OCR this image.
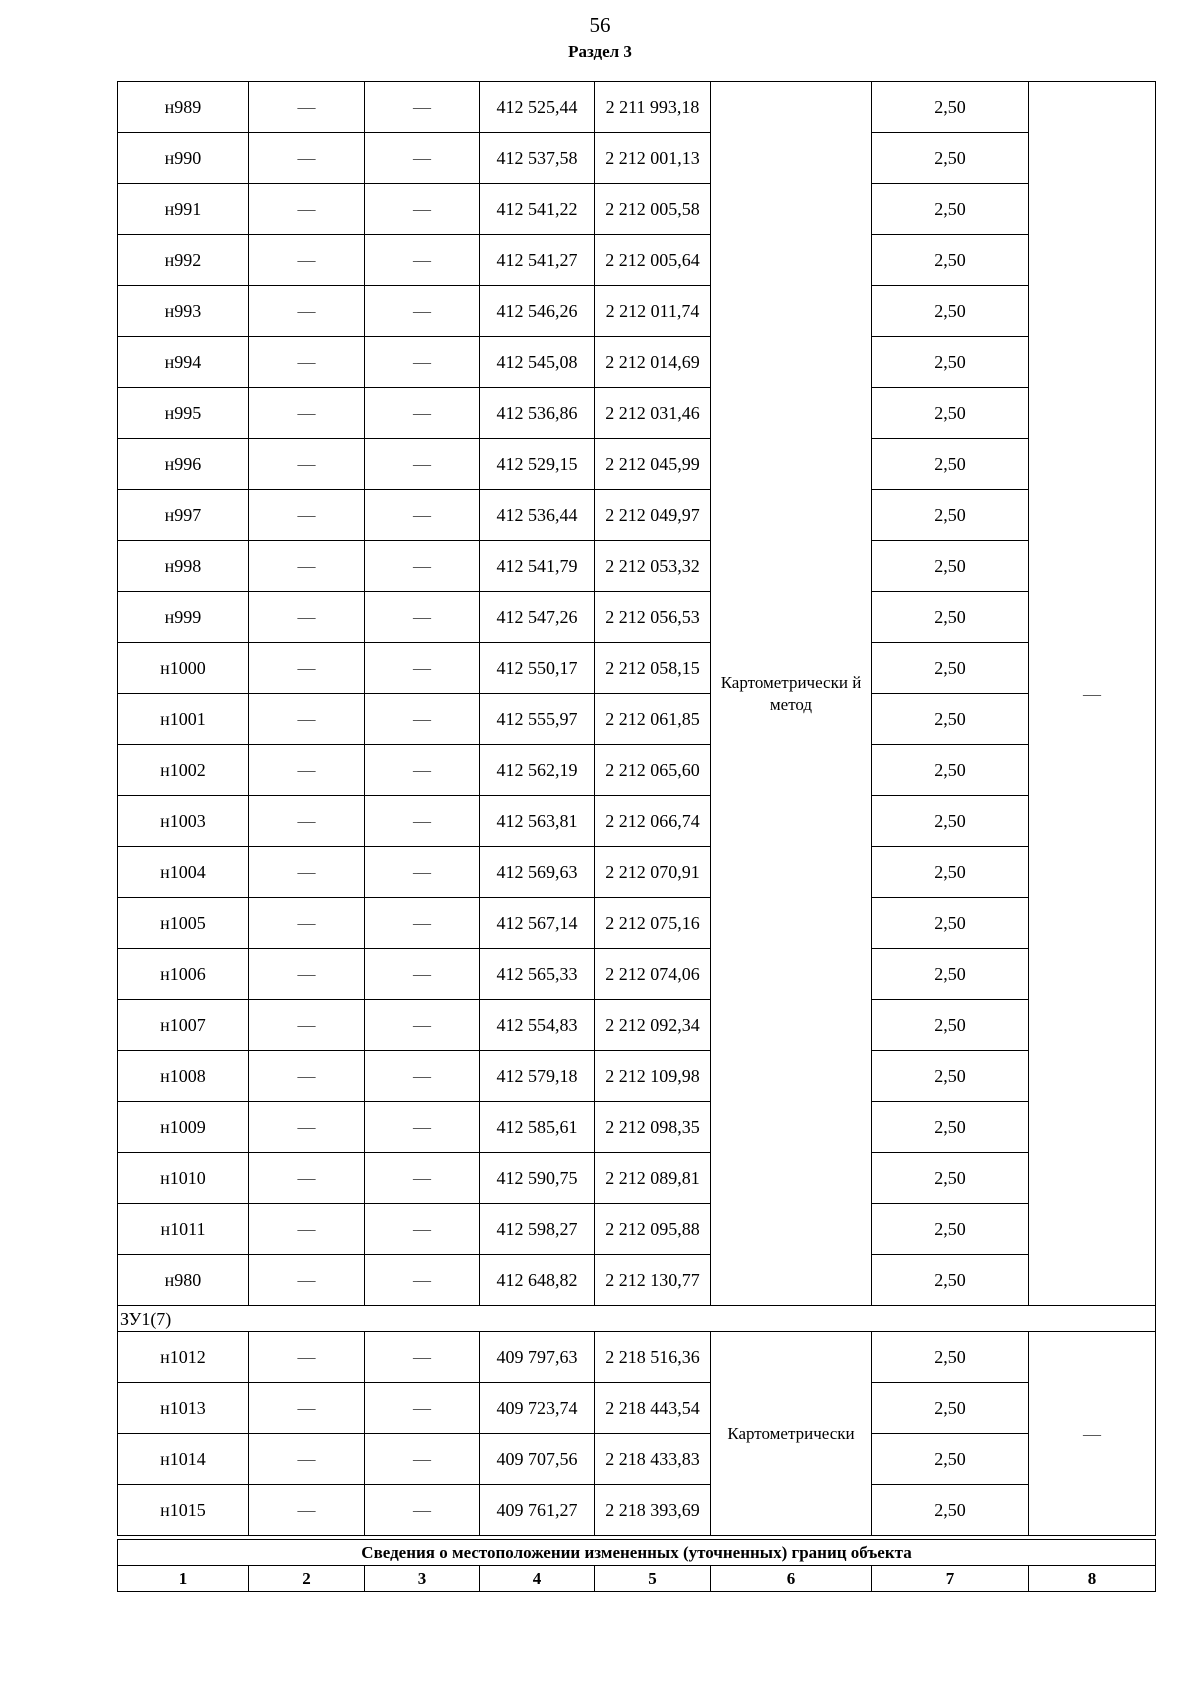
56
Раздел 3
н989	—	—	412 525,44	2 211 993,18	Картометрически й метод	2,50	—
н990	—	—	412 537,58	2 212 001,13		2,50	
н991	—	—	412 541,22	2 212 005,58		2,50	
н992	—	—	412 541,27	2 212 005,64		2,50	
н993	—	—	412 546,26	2 212 011,74		2,50	
н994	—	—	412 545,08	2 212 014,69		2,50	
н995	—	—	412 536,86	2 212 031,46		2,50	
н996	—	—	412 529,15	2 212 045,99		2,50	
н997	—	—	412 536,44	2 212 049,97		2,50	
н998	—	—	412 541,79	2 212 053,32		2,50	
н999	—	—	412 547,26	2 212 056,53		2,50	
н1000	—	—	412 550,17	2 212 058,15		2,50	
н1001	—	—	412 555,97	2 212 061,85		2,50	
н1002	—	—	412 562,19	2 212 065,60		2,50	
н1003	—	—	412 563,81	2 212 066,74		2,50	
н1004	—	—	412 569,63	2 212 070,91		2,50	
н1005	—	—	412 567,14	2 212 075,16		2,50	
н1006	—	—	412 565,33	2 212 074,06		2,50	
н1007	—	—	412 554,83	2 212 092,34		2,50	
н1008	—	—	412 579,18	2 212 109,98		2,50	
н1009	—	—	412 585,61	2 212 098,35		2,50	
н1010	—	—	412 590,75	2 212 089,81		2,50	
н1011	—	—	412 598,27	2 212 095,88		2,50	
н980	—	—	412 648,82	2 212 130,77		2,50	
ЗУ1(7)							
н1012	—	—	409 797,63	2 218 516,36	Картометрически	2,50	—
н1013	—	—	409 723,74	2 218 443,54		2,50	
н1014	—	—	409 707,56	2 218 433,83		2,50	
н1015	—	—	409 761,27	2 218 393,69		2,50	

Сведения о местоположении измененных (уточненных) границ объекта							
1	2	3	4	5	6	7	8
